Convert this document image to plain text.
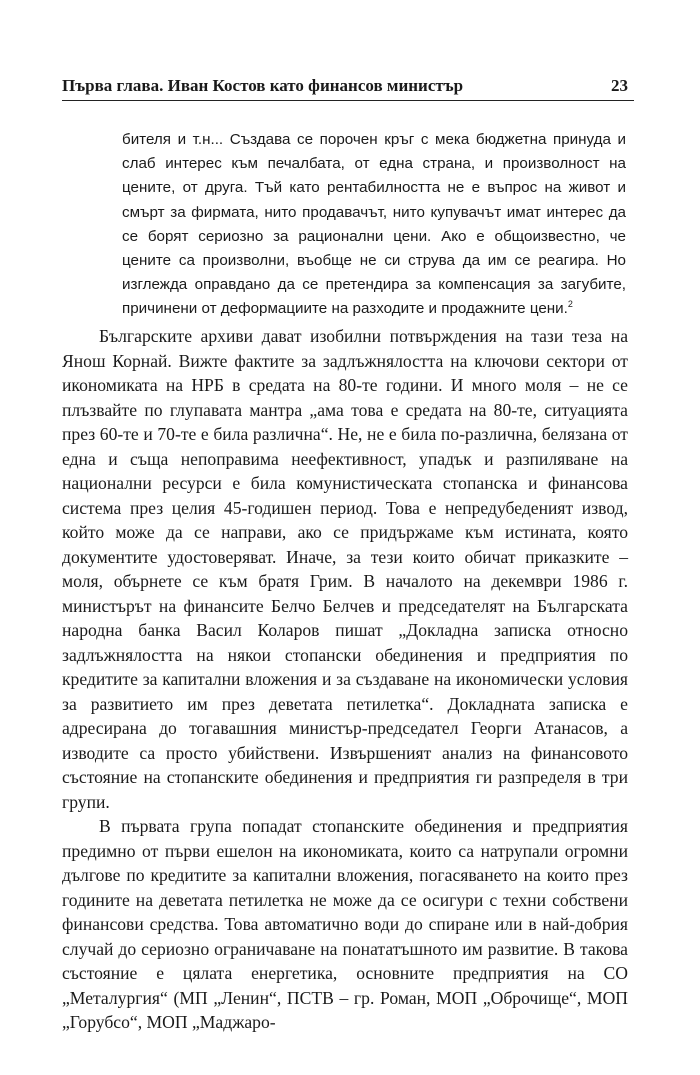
Първа глава. Иван Костов като финансов министър	23

бителя и т.н... Създава се порочен кръг с мека бюджетна принуда и слаб интерес към печалбата, от една страна, и произволност на цените, от друга. Тъй като рентабилността не е въпрос на живот и смърт за фирмата, нито продавачът, нито купувачът имат интерес да се борят сериозно за рационални цени. Ако е общоизвестно, че цените са произволни, въобще не си струва да им се реагира. Но изглежда оправдано да се претендира за компенсация за загубите, причинени от деформациите на разходите и продажните цени.$^2$

Българските архиви дават изобилни потвърждения на тази теза на Янош Корнай. Вижте фактите за задлъжнялостта на ключови сектори от икономиката на НРБ в средата на 80-те години. И много моля – не се плъзвайте по глупавата мантра „ама това е средата на 80-те, ситуацията през 60-те и 70-те е била различна“. Не, не е била по-различна, белязана от една и съща непоправима неефективност, упадък и разпиляване на национални ресурси е била комунистическата стопанска и финансова система през целия 45-годишен период. Това е непредубеденият извод, който може да се направи, ако се придържаме към истината, която документите удостоверяват. Иначе, за тези които обичат приказките – моля, обърнете се към братя Грим. В началото на декември 1986 г. министърът на финансите Белчо Белчев и председателят на Българската народна банка Васил Коларов пишат „Докладна записка относно задлъжнялостта на някои стопански обединения и предприятия по кредитите за капитални вложения и за създаване на икономически условия за развитието им през деветата петилетка“. Докладната записка е адресирана до тогавашния министър-председател Георги Атанасов, а изводите са просто убийствени. Извършеният анализ на финансовото състояние на стопанските обединения и предприятия ги разпределя в три групи.

В първата група попадат стопанските обединения и предприятия предимно от първи ешелон на икономиката, които са натрупали огромни дългове по кредитите за капитални вложения, погасяването на които през годините на деветата петилетка не може да се осигури с техни собствени финансови средства. Това автоматично води до спиране или в най-добрия случай до сериозно ограничаване на понататъшното им развитие. В такова състояние е цялата енергетика, основните предприятия на СО „Металургия“ (МП „Ленин“, ПСТВ – гр. Роман, МОП „Оброчище“, МОП „Горубсо“, МОП „Маджаро-
